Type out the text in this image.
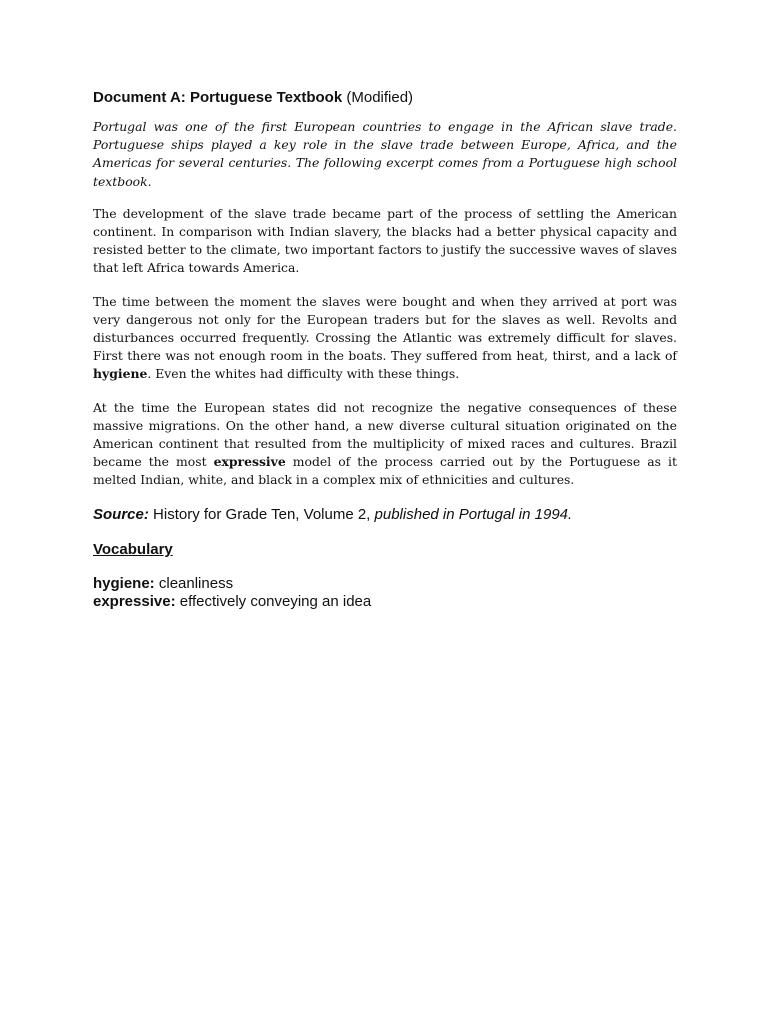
Document A: Portuguese Textbook (Modified)

Portugal was one of the first European countries to engage in the African slave trade. Portuguese ships played a key role in the slave trade between Europe, Africa, and the Americas for several centuries. The following excerpt comes from a Portuguese high school textbook.

The development of the slave trade became part of the process of settling the American continent. In comparison with Indian slavery, the blacks had a better physical capacity and resisted better to the climate, two important factors to justify the successive waves of slaves that left Africa towards America.

The time between the moment the slaves were bought and when they arrived at port was very dangerous not only for the European traders but for the slaves as well. Revolts and disturbances occurred frequently. Crossing the Atlantic was extremely difficult for slaves. First there was not enough room in the boats. They suffered from heat, thirst, and a lack of hygiene. Even the whites had difficulty with these things.

At the time the European states did not recognize the negative consequences of these massive migrations. On the other hand, a new diverse cultural situation originated on the American continent that resulted from the multiplicity of mixed races and cultures. Brazil became the most expressive model of the process carried out by the Portuguese as it melted Indian, white, and black in a complex mix of ethnicities and cultures.

Source: History for Grade Ten, Volume 2, published in Portugal in 1994.
Vocabulary
hygiene: cleanliness
expressive: effectively conveying an idea
